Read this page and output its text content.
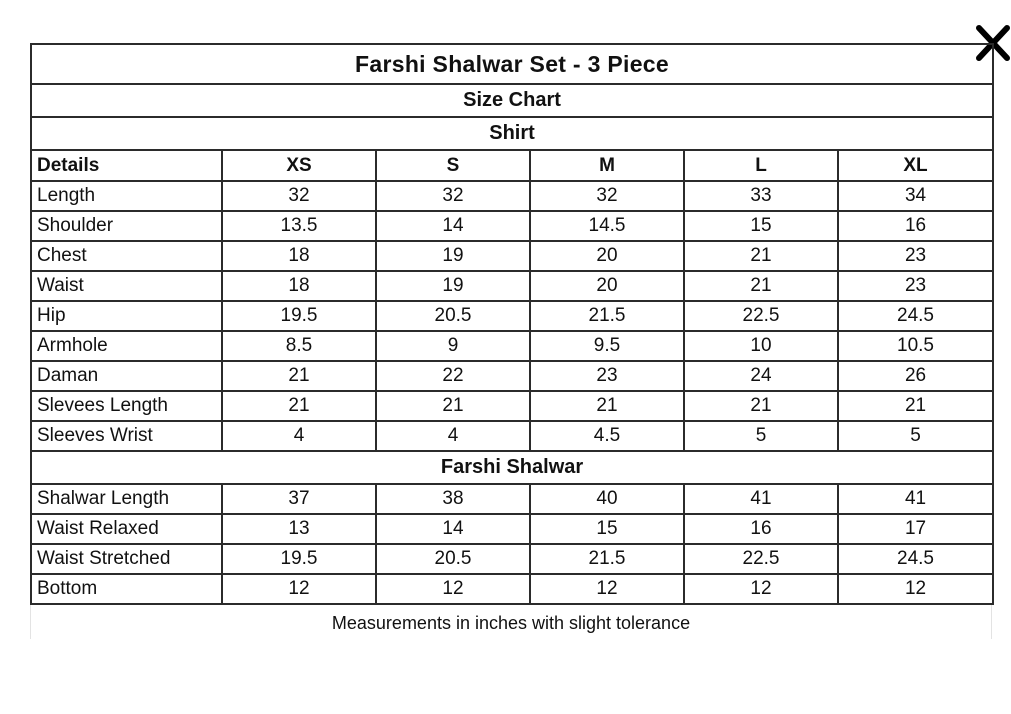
Farshi Shalwar Set - 3 Piece					
Size Chart					
Shirt					
Details	XS	S	M	L	XL
Length	32	32	32	33	34
Shoulder	13.5	14	14.5	15	16
Chest	18	19	20	21	23
Waist	18	19	20	21	23
Hip	19.5	20.5	21.5	22.5	24.5
Armhole	8.5	9	9.5	10	10.5
Daman	21	22	23	24	26
Slevees Length	21	21	21	21	21
Sleeves Wrist	4	4	4.5	5	5
Farshi Shalwar					
Shalwar Length	37	38	40	41	41
Waist Relaxed	13	14	15	16	17
Waist Stretched	19.5	20.5	21.5	22.5	24.5
Bottom	12	12	12	12	12
Measurements in inches with slight tolerance
